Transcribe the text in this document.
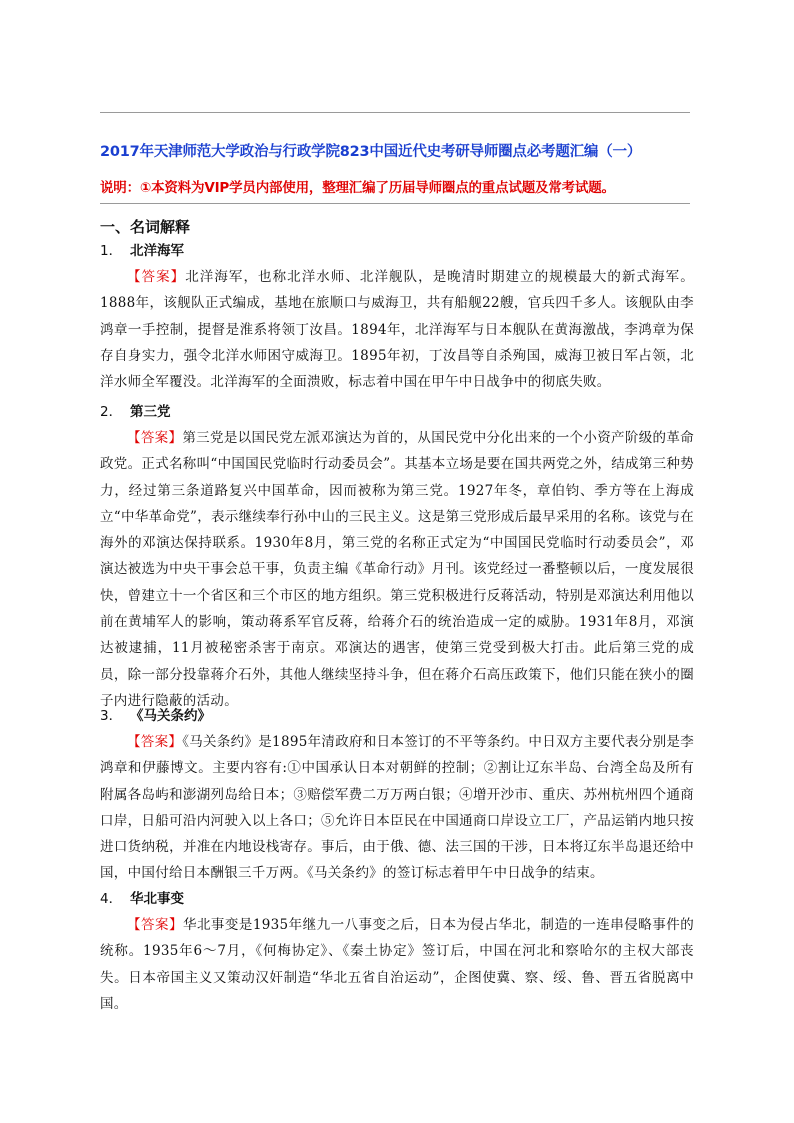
2017年天津师范大学政治与行政学院823中国近代史考研导师圈点必考题汇编（一）
说明：①本资料为VIP学员内部使用，整理汇编了历届导师圈点的重点试题及常考试题。
一、名词解释
1． 北洋海军
【答案】北洋海军，也称北洋水师、北洋舰队，是晚清时期建立的规模最大的新式海军。1888年，该舰队正式编成，基地在旅顺口与威海卫，共有船舰22艘，官兵四千多人。该舰队由李鸿章一手控制，提督是淮系将领丁汝昌。1894年，北洋海军与日本舰队在黄海激战，李鸿章为保存自身实力，强令北洋水师困守威海卫。1895年初，丁汝昌等自杀殉国，威海卫被日军占领，北洋水师全军覆没。北洋海军的全面溃败，标志着中国在甲午中日战争中的彻底失败。
2． 第三党
【答案】第三党是以国民党左派邓演达为首的，从国民党中分化出来的一个小资产阶级的革命政党。正式名称叫“中国国民党临时行动委员会”。其基本立场是要在国共两党之外，结成第三种势力，经过第三条道路复兴中国革命，因而被称为第三党。1927年冬，章伯钧、季方等在上海成立“中华革命党”，表示继续奉行孙中山的三民主义。这是第三党形成后最早采用的名称。该党与在海外的邓演达保持联系。1930年8月，第三党的名称正式定为“中国国民党临时行动委员会”，邓演达被选为中央干事会总干事，负责主编《革命行动》月刊。该党经过一番整顿以后，一度发展很快，曾建立十一个省区和三个市区的地方组织。第三党积极进行反蒋活动，特别是邓演达利用他以前在黄埔军人的影响，策动蒋系军官反蒋，给蒋介石的统治造成一定的威胁。1931年8月，邓演达被逮捕，11月被秘密杀害于南京。邓演达的遇害，使第三党受到极大打击。此后第三党的成员，除一部分投靠蒋介石外，其他人继续坚持斗争，但在蒋介石高压政策下，他们只能在狭小的圈子内进行隐蔽的活动。
3． 《马关条约》
【答案】《马关条约》是1895年清政府和日本签订的不平等条约。中日双方主要代表分别是李鸿章和伊藤博文。主要内容有:①中国承认日本对朝鲜的控制；②割让辽东半岛、台湾全岛及所有附属各岛屿和澎湖列岛给日本；③赔偿军费二万万两白银；④增开沙市、重庆、苏州杭州四个通商口岸，日船可沿内河驶入以上各口；⑤允许日本臣民在中国通商口岸设立工厂，产品运销内地只按进口货纳税，并准在内地设栈寄存。事后，由于俄、德、法三国的干涉，日本将辽东半岛退还给中国，中国付给日本酬银三千万两。《马关条约》的签订标志着甲午中日战争的结束。
4． 华北事变
【答案】华北事变是1935年继九一八事变之后，日本为侵占华北，制造的一连串侵略事件的统称。1935年6～7月，《何梅协定》、《秦土协定》签订后，中国在河北和察哈尔的主权大部丧失。日本帝国主义又策动汉奸制造“华北五省自治运动”，企图使冀、察、绥、鲁、晋五省脱离中国。
